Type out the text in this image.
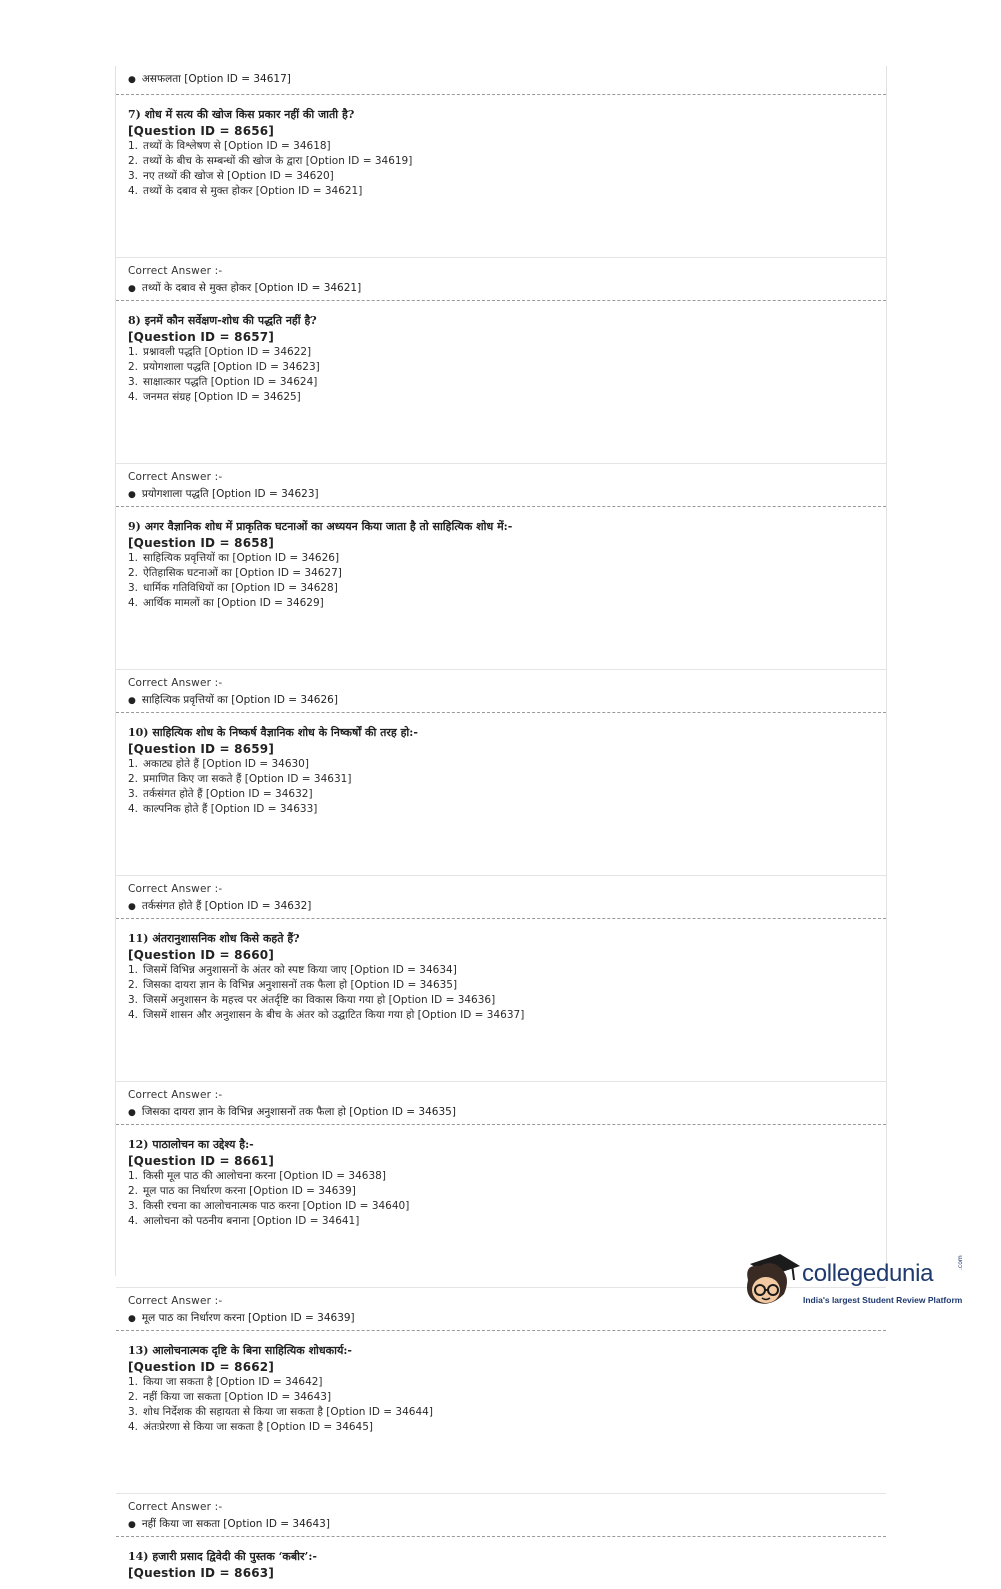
● असफलता [Option ID = 34617]
7) शोध में सत्य की खोज किस प्रकार नहीं की जाती है?
[Question ID = 8656]
1. तथ्यों के विश्लेषण से [Option ID = 34618]
2. तथ्यों के बीच के सम्बन्धों की खोज के द्वारा [Option ID = 34619]
3. नए तथ्यों की खोज से [Option ID = 34620]
4. तथ्यों के दबाव से मुक्त होकर [Option ID = 34621]
Correct Answer :-
● तथ्यों के दबाव से मुक्त होकर [Option ID = 34621]
8) इनमें कौन सर्वेक्षण-शोध की पद्धति नहीं है?
[Question ID = 8657]
1. प्रश्नावली पद्धति [Option ID = 34622]
2. प्रयोगशाला पद्धति [Option ID = 34623]
3. साक्षात्कार पद्धति [Option ID = 34624]
4. जनमत संग्रह [Option ID = 34625]
Correct Answer :-
● प्रयोगशाला पद्धति [Option ID = 34623]
9) अगर वैज्ञानिक शोध में प्राकृतिक घटनाओं का अध्ययन किया जाता है तो साहित्यिक शोध में:-
[Question ID = 8658]
1. साहित्यिक प्रवृत्तियों का [Option ID = 34626]
2. ऐतिहासिक घटनाओं का [Option ID = 34627]
3. धार्मिक गतिविधियों का [Option ID = 34628]
4. आर्थिक मामलों का [Option ID = 34629]
Correct Answer :-
● साहित्यिक प्रवृत्तियों का [Option ID = 34626]
10) साहित्यिक शोध के निष्कर्ष वैज्ञानिक शोध के निष्कर्षों की तरह हो:-
[Question ID = 8659]
1. अकाट्य होते हैं [Option ID = 34630]
2. प्रमाणित किए जा सकते हैं [Option ID = 34631]
3. तर्कसंगत होते हैं [Option ID = 34632]
4. काल्पनिक होते हैं [Option ID = 34633]
Correct Answer :-
● तर्कसंगत होते हैं [Option ID = 34632]
11) अंतरानुशासनिक शोध किसे कहते हैं?
[Question ID = 8660]
1. जिसमें विभिन्न अनुशासनों के अंतर को स्पष्ट किया जाए [Option ID = 34634]
2. जिसका दायरा ज्ञान के विभिन्न अनुशासनों तक फैला हो [Option ID = 34635]
3. जिसमें अनुशासन के महत्त्व पर अंतर्दृष्टि का विकास किया गया हो [Option ID = 34636]
4. जिसमें शासन और अनुशासन के बीच के अंतर को उद्घाटित किया गया हो [Option ID = 34637]
Correct Answer :-
● जिसका दायरा ज्ञान के विभिन्न अनुशासनों तक फैला हो [Option ID = 34635]
12) पाठालोचन का उद्देश्य है:-
[Question ID = 8661]
1. किसी मूल पाठ की आलोचना करना [Option ID = 34638]
2. मूल पाठ का निर्धारण करना [Option ID = 34639]
3. किसी रचना का आलोचनात्मक पाठ करना [Option ID = 34640]
4. आलोचना को पठनीय बनाना [Option ID = 34641]
Correct Answer :-
● मूल पाठ का निर्धारण करना [Option ID = 34639]
13) आलोचनात्मक दृष्टि के बिना साहित्यिक शोधकार्य:-
[Question ID = 8662]
1. किया जा सकता है [Option ID = 34642]
2. नहीं किया जा सकता [Option ID = 34643]
3. शोध निर्देशक की सहायता से किया जा सकता है [Option ID = 34644]
4. अंतःप्रेरणा से किया जा सकता है [Option ID = 34645]
Correct Answer :-
● नहीं किया जा सकता [Option ID = 34643]
14) हजारी प्रसाद द्विवेदी की पुस्तक ‘कबीर’:-
[Question ID = 8663]
collegedunia	.com
India's largest Student Review Platform
